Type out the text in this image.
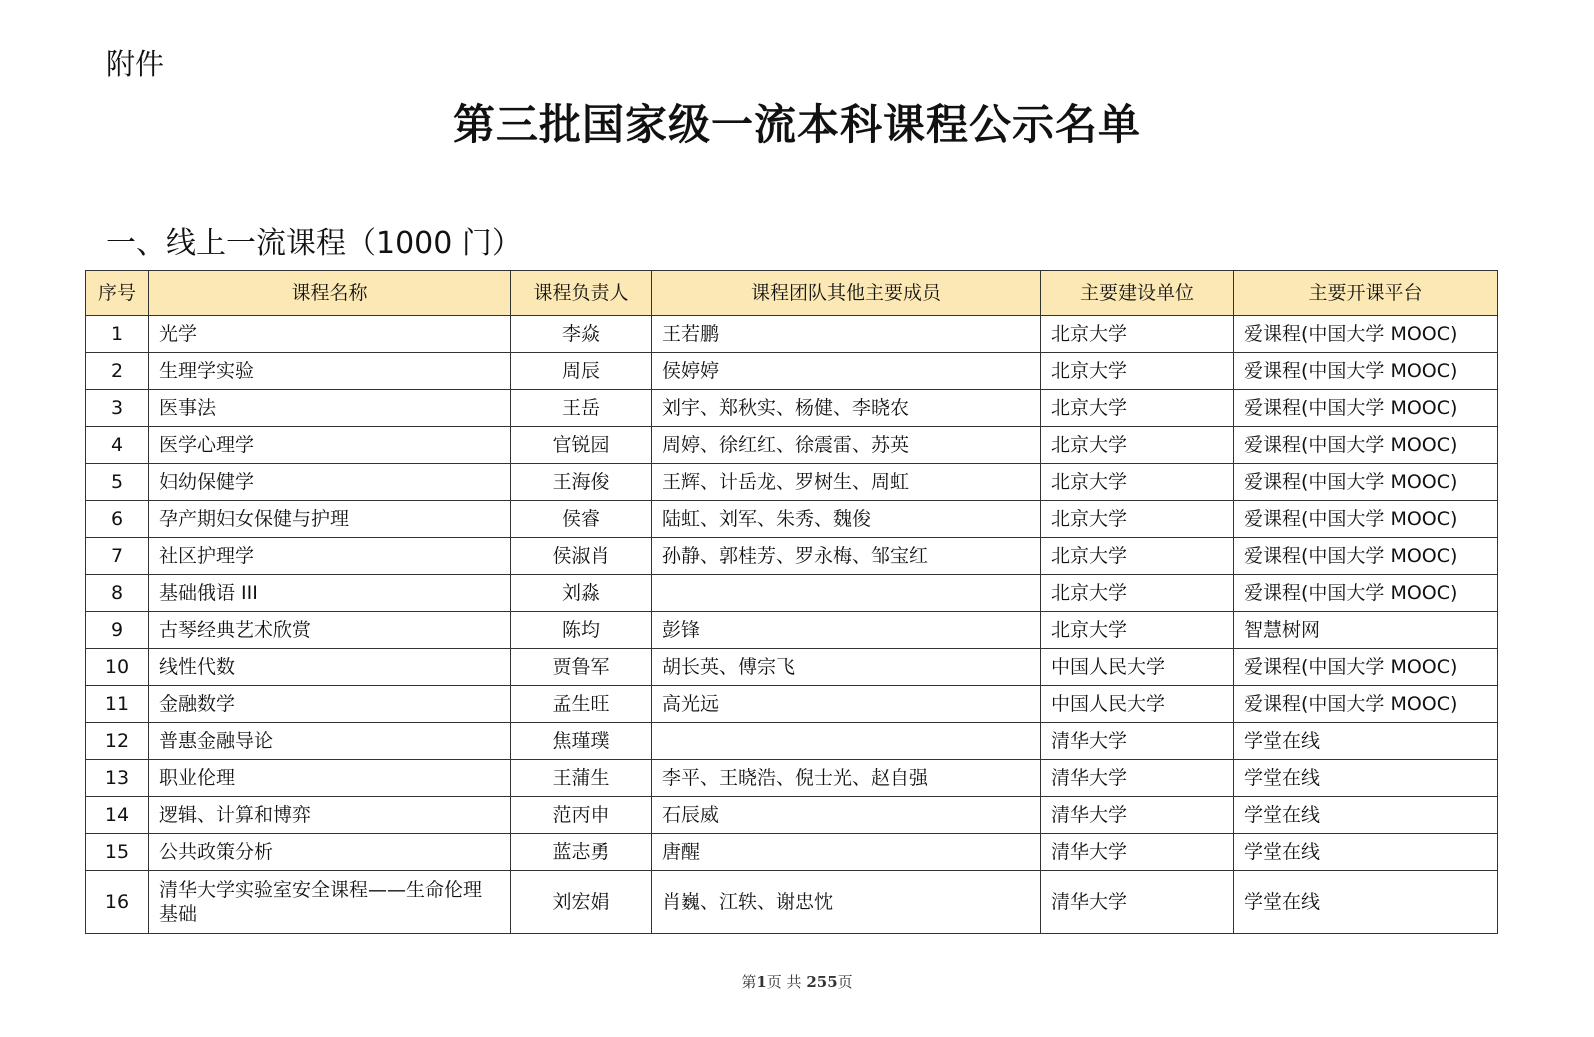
附件
第三批国家级一流本科课程公示名单
一、线上一流课程（1000 门）
序号	课程名称	课程负责人	课程团队其他主要成员	主要建设单位	主要开课平台
1	光学	李焱	王若鹏	北京大学	爱课程(中国大学 MOOC)
2	生理学实验	周辰	侯婷婷	北京大学	爱课程(中国大学 MOOC)
3	医事法	王岳	刘宇、郑秋实、杨健、李晓农	北京大学	爱课程(中国大学 MOOC)
4	医学心理学	官锐园	周婷、徐红红、徐震雷、苏英	北京大学	爱课程(中国大学 MOOC)
5	妇幼保健学	王海俊	王辉、计岳龙、罗树生、周虹	北京大学	爱课程(中国大学 MOOC)
6	孕产期妇女保健与护理	侯睿	陆虹、刘军、朱秀、魏俊	北京大学	爱课程(中国大学 MOOC)
7	社区护理学	侯淑肖	孙静、郭桂芳、罗永梅、邹宝红	北京大学	爱课程(中国大学 MOOC)
8	基础俄语 III	刘淼		北京大学	爱课程(中国大学 MOOC)
9	古琴经典艺术欣赏	陈均	彭锋	北京大学	智慧树网
10	线性代数	贾鲁军	胡长英、傅宗飞	中国人民大学	爱课程(中国大学 MOOC)
11	金融数学	孟生旺	高光远	中国人民大学	爱课程(中国大学 MOOC)
12	普惠金融导论	焦瑾璞		清华大学	学堂在线
13	职业伦理	王蒲生	李平、王晓浩、倪士光、赵自强	清华大学	学堂在线
14	逻辑、计算和博弈	范丙申	石辰威	清华大学	学堂在线
15	公共政策分析	蓝志勇	唐醒	清华大学	学堂在线
16	清华大学实验室安全课程——生命伦理基础	刘宏娟	肖巍、江轶、谢忠忱	清华大学	学堂在线
第1页 共 255页
